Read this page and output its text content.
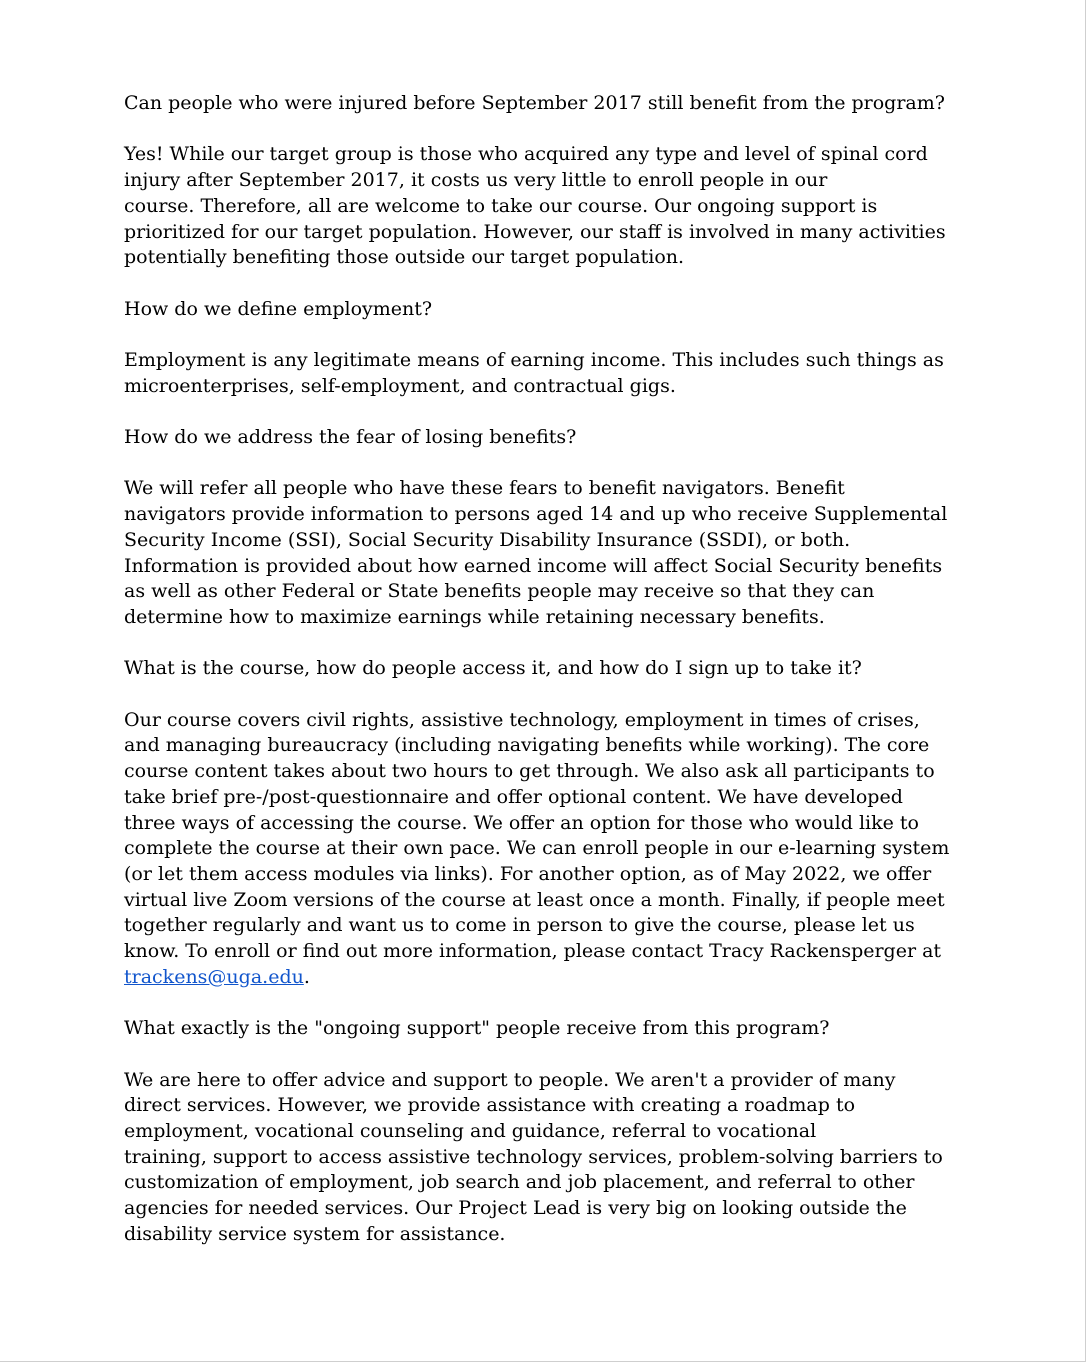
Can people who were injured before September 2017 still benefit from the program?

Yes! While our target group is those who acquired any type and level of spinal cord
injury after September 2017, it costs us very little to enroll people in our
course. Therefore, all are welcome to take our course. Our ongoing support is
prioritized for our target population. However, our staff is involved in many activities
potentially benefiting those outside our target population.

How do we define employment?

Employment is any legitimate means of earning income. This includes such things as
microenterprises, self-employment, and contractual gigs.

How do we address the fear of losing benefits?

We will refer all people who have these fears to benefit navigators. Benefit
navigators provide information to persons aged 14 and up who receive Supplemental
Security Income (SSI), Social Security Disability Insurance (SSDI), or both.
Information is provided about how earned income will affect Social Security benefits
as well as other Federal or State benefits people may receive so that they can
determine how to maximize earnings while retaining necessary benefits.

What is the course, how do people access it, and how do I sign up to take it?

Our course covers civil rights, assistive technology, employment in times of crises,
and managing bureaucracy (including navigating benefits while working). The core
course content takes about two hours to get through. We also ask all participants to
take brief pre-/post-questionnaire and offer optional content. We have developed
three ways of accessing the course. We offer an option for those who would like to
complete the course at their own pace. We can enroll people in our e-learning system
(or let them access modules via links). For another option, as of May 2022, we offer
virtual live Zoom versions of the course at least once a month. Finally, if people meet
together regularly and want us to come in person to give the course, please let us
know. To enroll or find out more information, please contact Tracy Rackensperger at
trackens@uga.edu.

What exactly is the "ongoing support" people receive from this program?

We are here to offer advice and support to people. We aren't a provider of many
direct services. However, we provide assistance with creating a roadmap to
employment, vocational counseling and guidance, referral to vocational
training, support to access assistive technology services, problem-solving barriers to
customization of employment, job search and job placement, and referral to other
agencies for needed services. Our Project Lead is very big on looking outside the
disability service system for assistance.
